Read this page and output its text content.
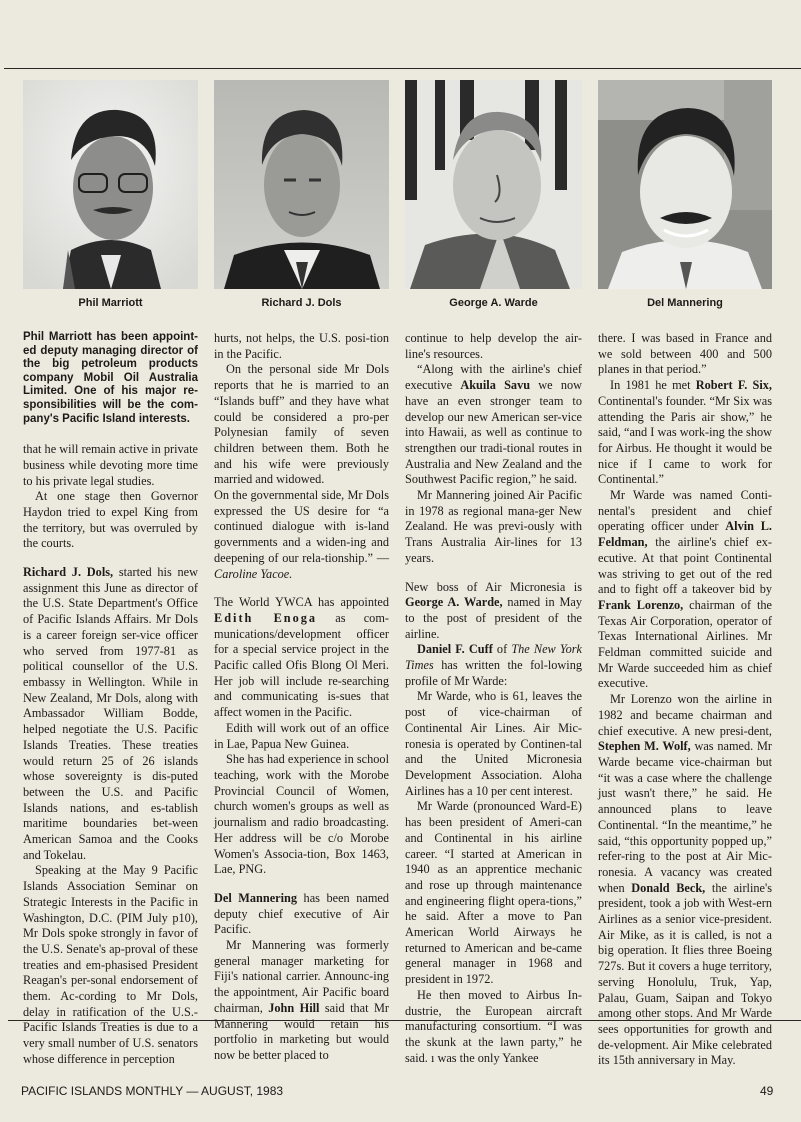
Phil Marriott	Richard J. Dols	George A. Warde	Del Mannering
Phil Marriott has been appoint-ed deputy managing director of the big petroleum products company Mobil Oil Australia Limited. One of his major re-sponsibilities will be the com-pany's Pacific Island interests.

that he will remain active in private business while devoting more time to his private legal studies.

At one stage then Governor Haydon tried to expel King from the territory, but was overruled by the courts.

Richard J. Dols, started his new assignment this June as director of the U.S. State Department's Office of Pacific Islands Affairs. Mr Dols is a career foreign ser-vice officer who served from 1977-81 as political counsellor of the U.S. embassy in Wellington. While in New Zealand, Mr Dols, along with Ambassador William Bodde, helped negotiate the U.S. Pacific Islands Treaties. These treaties would return 25 of 26 islands whose sovereignty is dis-puted between the U.S. and Pacific Islands nations, and es-tablish maritime boundaries bet-ween American Samoa and the Cooks and Tokelau.

Speaking at the May 9 Pacific Islands Association Seminar on Strategic Interests in the Pacific in Washington, D.C. (PIM July p10), Mr Dols spoke strongly in favor of the U.S. Senate's ap-proval of these treaties and em-phasised President Reagan's per-sonal endorsement of them. Ac-cording to Mr Dols, delay in ratification of the U.S.-Pacific Islands Treaties is due to a very small number of U.S. senators whose difference in perception

hurts, not helps, the U.S. posi-tion in the Pacific.

On the personal side Mr Dols reports that he is married to an “Islands buff” and they have what could be considered a pro-per Polynesian family of seven children between them. Both he and his wife were previously married and widowed.

On the governmental side, Mr Dols expressed the US desire for “a continued dialogue with is-land governments and a widen-ing and deepening of our rela-tionship.” — Caroline Yacoe.

The World YWCA has appointed Edith Enoga as com-munications/development officer for a special service project in the Pacific called Ofis Blong Ol Meri. Her job will include re-searching and communicating is-sues that affect women in the Pacific.

Edith will work out of an office in Lae, Papua New Guinea.

She has had experience in school teaching, work with the Morobe Provincial Council of Women, church women's groups as well as journalism and radio broadcasting. Her address will be c/o Morobe Women's Associa-tion, Box 1463, Lae, PNG.

Del Mannering has been named deputy chief executive of Air Pacific.

Mr Mannering was formerly general manager marketing for Fiji's national carrier. Announc-ing the appointment, Air Pacific board chairman, John Hill said that Mr Mannering would retain his portfolio in marketing but would now be better placed to

continue to help develop the air-line's resources.

“Along with the airline's chief executive Akuila Savu we now have an even stronger team to develop our new American ser-vice into Hawaii, as well as continue to strengthen our tradi-tional routes in Australia and New Zealand and the Southwest Pacific region,” he said.

Mr Mannering joined Air Pacific in 1978 as regional mana-ger New Zealand. He was previ-ously with Trans Australia Air-lines for 13 years.

New boss of Air Micronesia is George A. Warde, named in May to the post of president of the airline.

Daniel F. Cuff of The New York Times has written the fol-lowing profile of Mr Warde:

Mr Warde, who is 61, leaves the post of vice-chairman of Continental Air Lines. Air Mic-ronesia is operated by Continen-tal and the United Micronesia Development Association. Aloha Airlines has a 10 per cent interest.

Mr Warde (pronounced Ward-E) has been president of Ameri-can and Continental in his airline career. “I started at American in 1940 as an apprentice mechanic and rose up through maintenance and engineering flight opera-tions,” he said. After a move to Pan American World Airways he returned to American and be-came general manager in 1968 and president in 1972.

He then moved to Airbus In-dustrie, the European aircraft manufacturing consortium. “I was the skunk at the lawn party,” he said. ı was the only Yankee

there. I was based in France and we sold between 400 and 500 planes in that period.”

In 1981 he met Robert F. Six, Continental's founder. “Mr Six was attending the Paris air show,” he said, “and I was work-ing the show for Airbus. He thought it would be nice if I came to work for Continental.”

Mr Warde was named Conti-nental's president and chief operating officer under Alvin L. Feldman, the airline's chief ex-ecutive. At that point Continental was striving to get out of the red and to fight off a takeover bid by Frank Lorenzo, chairman of the Texas Air Corporation, operator of Texas International Airlines. Mr Feldman committed suicide and Mr Warde succeeded him as chief executive.

Mr Lorenzo won the airline in 1982 and became chairman and chief executive. A new presi-dent, Stephen M. Wolf, was named. Mr Warde became vice-chairman but “it was a case where the challenge just wasn't there,” he said. He announced plans to leave Continental. “In the meantime,” he said, “this opportunity popped up,” refer-ring to the post at Air Mic-ronesia. A vacancy was created when Donald Beck, the airline's president, took a job with West-ern Airlines as a senior vice-president. Air Mike, as it is called, is not a big operation. It flies three Boeing 727s. But it covers a huge territory, serving Honolulu, Truk, Yap, Palau, Guam, Saipan and Tokyo among other stops. And Mr Warde sees opportunities for growth and de-velopment. Air Mike celebrated its 15th anniversary in May.

PACIFIC ISLANDS MONTHLY — AUGUST, 1983	49
